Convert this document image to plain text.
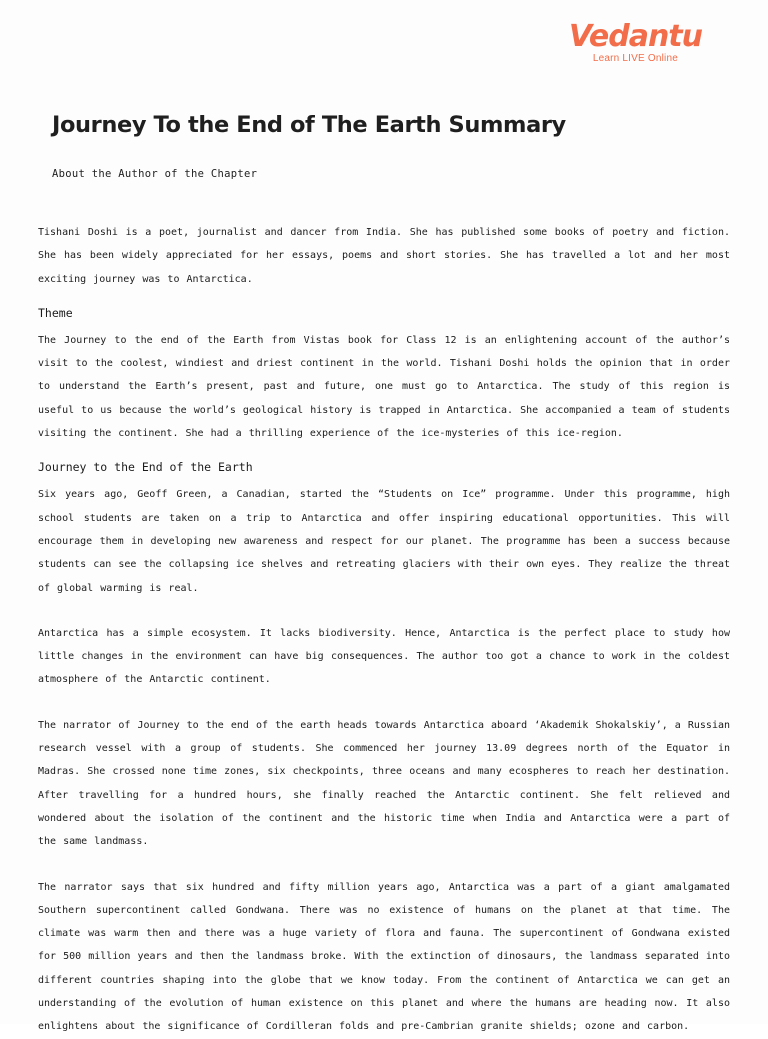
Vedantu
Learn LIVE Online
Journey To the End of The Earth Summary
About the Author of the Chapter

Tishani Doshi is a poet, journalist and dancer from India. She has published some books of poetry and fiction. She has been widely appreciated for her essays, poems and short stories. She has travelled a lot and her most exciting journey was to Antarctica.

Theme

The Journey to the end of the Earth from Vistas book for Class 12 is an enlightening account of the author’s visit to the coolest, windiest and driest continent in the world. Tishani Doshi holds the opinion that in order to understand the Earth’s present, past and future, one must go to Antarctica. The study of this region is useful to us because the world’s geological history is trapped in Antarctica. She accompanied a team of students visiting the continent. She had a thrilling experience of the ice-mysteries of this ice-region.

Journey to the End of the Earth

Six years ago, Geoff Green, a Canadian, started the “Students on Ice” programme. Under this programme, high school students are taken on a trip to Antarctica and offer inspiring educational opportunities. This will encourage them in developing new awareness and respect for our planet. The programme has been a success because students can see the collapsing ice shelves and retreating glaciers with their own eyes. They realize the threat of global warming is real.

Antarctica has a simple ecosystem. It lacks biodiversity. Hence, Antarctica is the perfect place to study how little changes in the environment can have big consequences. The author too got a chance to work in the coldest atmosphere of the Antarctic continent.

The narrator of Journey to the end of the earth heads towards Antarctica aboard ‘Akademik Shokalskiy’, a Russian research vessel with a group of students. She commenced her journey 13.09 degrees north of the Equator in Madras. She crossed none time zones, six checkpoints, three oceans and many ecospheres to reach her destination. After travelling for a hundred hours, she finally reached the Antarctic continent. She felt relieved and wondered about the isolation of the continent and the historic time when India and Antarctica were a part of the same landmass.

The narrator says that six hundred and fifty million years ago, Antarctica was a part of a giant amalgamated Southern supercontinent called Gondwana. There was no existence of humans on the planet at that time. The climate was warm then and there was a huge variety of flora and fauna. The supercontinent of Gondwana existed for 500 million years and then the landmass broke. With the extinction of dinosaurs, the landmass separated into different countries shaping into the globe that we know today. From the continent of Antarctica we can get an understanding of the evolution of human existence on this planet and where the humans are heading now. It also enlightens about the significance of Cordilleran folds and pre-Cambrian granite shields; ozone and carbon.
